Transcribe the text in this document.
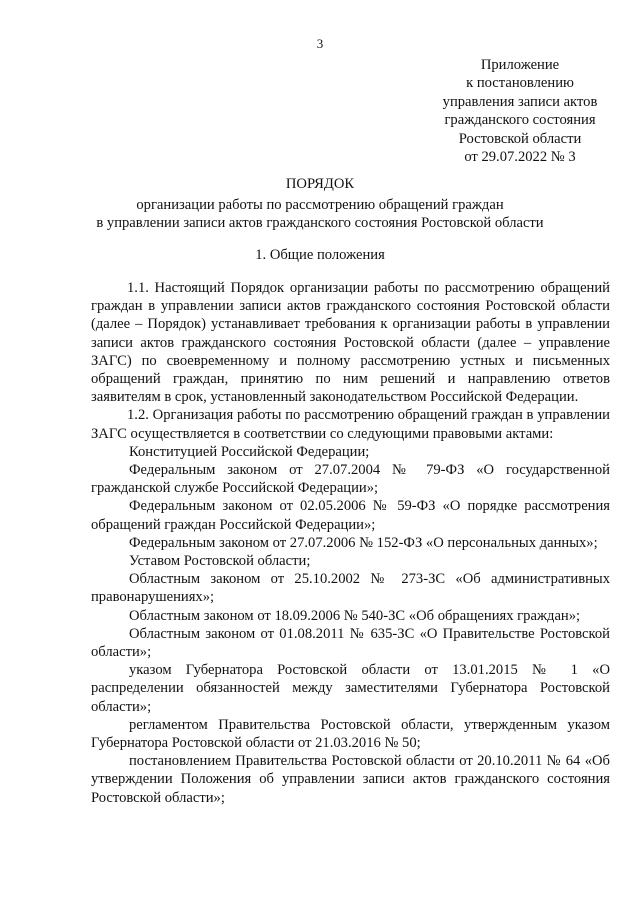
3
Приложение
к постановлению
управления записи актов
гражданского состояния
Ростовской области
от 29.07.2022 № 3
ПОРЯДОК
организации работы по рассмотрению обращений граждан
в управлении записи актов гражданского состояния Ростовской области
1. Общие положения

1.1. Настоящий Порядок организации работы по рассмотрению обращений граждан в управлении записи актов гражданского состояния Ростовской области (далее – Порядок) устанавливает требования к организации работы в управлении записи актов гражданского состояния Ростовской области (далее – управление ЗАГС) по своевременному и полному рассмотрению устных и письменных обращений граждан, принятию по ним решений и направлению ответов заявителям в срок, установленный законодательством Российской Федерации.

1.2. Организация работы по рассмотрению обращений граждан в управлении ЗАГС осуществляется в соответствии со следующими правовыми актами:

Конституцией Российской Федерации;

Федеральным законом от 27.07.2004 № 79-ФЗ «О государственной гражданской службе Российской Федерации»;

Федеральным законом от 02.05.2006 № 59-ФЗ «О порядке рассмотрения обращений граждан Российской Федерации»;

Федеральным законом от 27.07.2006 № 152-ФЗ «О персональных данных»;

Уставом Ростовской области;

Областным законом от 25.10.2002 № 273-ЗС «Об административных правонарушениях»;

Областным законом от 18.09.2006 № 540-ЗС «Об обращениях граждан»;

Областным законом от 01.08.2011 № 635-ЗС «О Правительстве Ростовской области»;

указом Губернатора Ростовской области от 13.01.2015 № 1 «О распределении обязанностей между заместителями Губернатора Ростовской области»;

регламентом Правительства Ростовской области, утвержденным указом Губернатора Ростовской области от 21.03.2016 № 50;

постановлением Правительства Ростовской области от 20.10.2011 № 64 «Об утверждении Положения об управлении записи актов гражданского состояния Ростовской области»;
